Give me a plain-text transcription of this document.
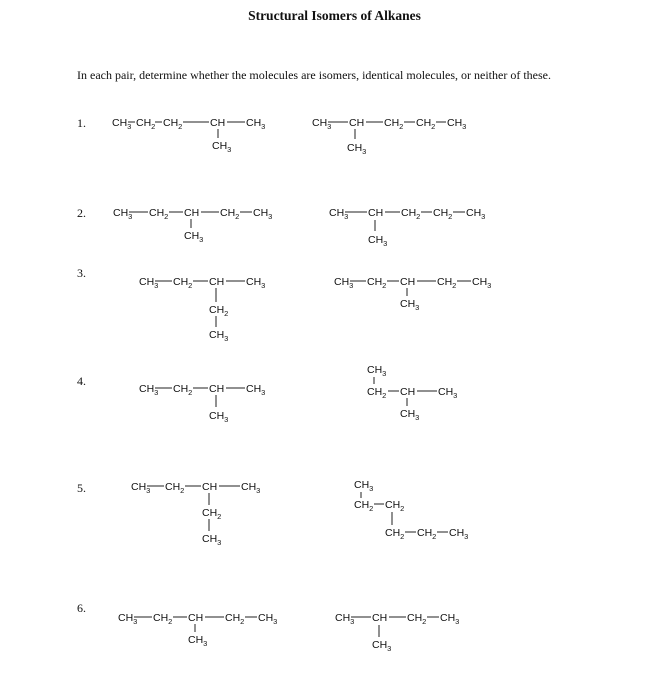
Structural Isomers of Alkanes
In each pair, determine whether the molecules are isomers, identical molecules, or neither of these.
1.
2.
3.
4.
5.
6.
$CH_3$ $CH_2$ $CH_2$	CH $CH_3$
$CH_3$
$CH_3$ CH $CH_2$ $CH_2$ $CH_3$
$CH_3$
$CH_3$ $CH_2$ CH $CH_2$ $CH_3$
$CH_3$
$CH_3$ CH $CH_2$ $CH_2$ $CH_3$
$CH_3$
$CH_3$ $CH_2$ CH $CH_3$
$CH_2$
$CH_3$
$CH_3$ $CH_2$ CH $CH_2$ $CH_3$
$CH_3$
$CH_3$ $CH_2$ CH $CH_3$
$CH_3$
$CH_3$
$CH_2$ CH $CH_3$
$CH_3$
$CH_3$ $CH_2$ CH $CH_3$
$CH_2$
$CH_3$
$CH_3$
$CH_2$ $CH_2$
$CH_2$ $CH_2$ $CH_3$
$CH_3$ $CH_2$ CH $CH_2$ $CH_3$
$CH_3$
$CH_3$ CH $CH_2$ $CH_3$
$CH_3$
